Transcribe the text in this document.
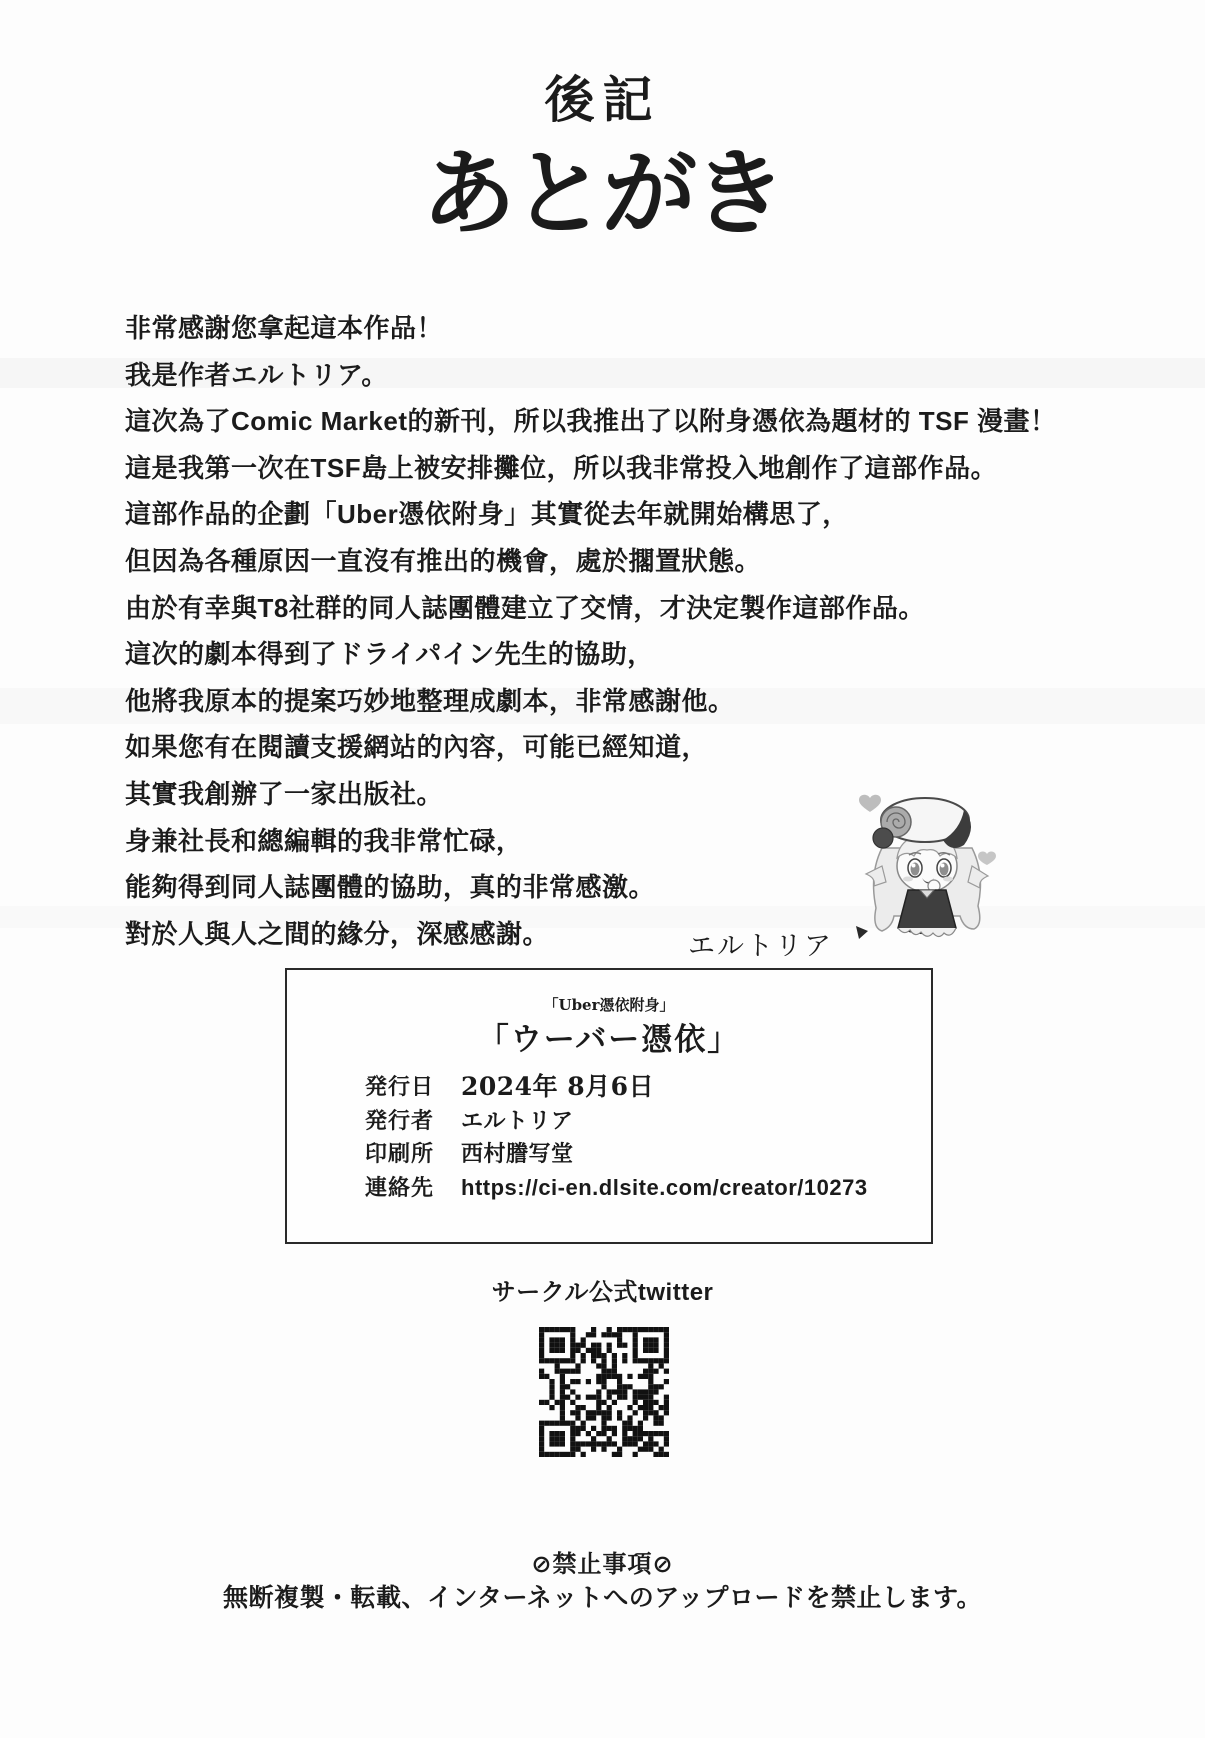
後記
あとがき
非常感謝您拿起這本作品！
我是作者エルトリア。
這次為了Comic Market的新刊，所以我推出了以附身憑依為題材的 TSF 漫畫！
這是我第一次在TSF島上被安排攤位，所以我非常投入地創作了這部作品。
這部作品的企劃「Uber憑依附身」其實從去年就開始構思了，
但因為各種原因一直沒有推出的機會，處於擱置狀態。
由於有幸與T8社群的同人誌團體建立了交情，才決定製作這部作品。
這次的劇本得到了ドライパイン先生的協助，
他將我原本的提案巧妙地整理成劇本，非常感謝他。
如果您有在閱讀支援網站的內容，可能已經知道，
其實我創辦了一家出版社。
身兼社長和總編輯的我非常忙碌，
能夠得到同人誌團體的協助，真的非常感激。
對於人與人之間的緣分，深感感謝。	エルトリア
「Uber憑依附身」
「ウーバー憑依」
発行日	2024年 8月6日
発行者	エルトリア
印刷所	西村謄写堂
連絡先	https://ci-en.dlsite.com/creator/10273
サークル公式twitter
⊘禁止事項⊘
無断複製・転載、インターネットへのアップロードを禁止します。
